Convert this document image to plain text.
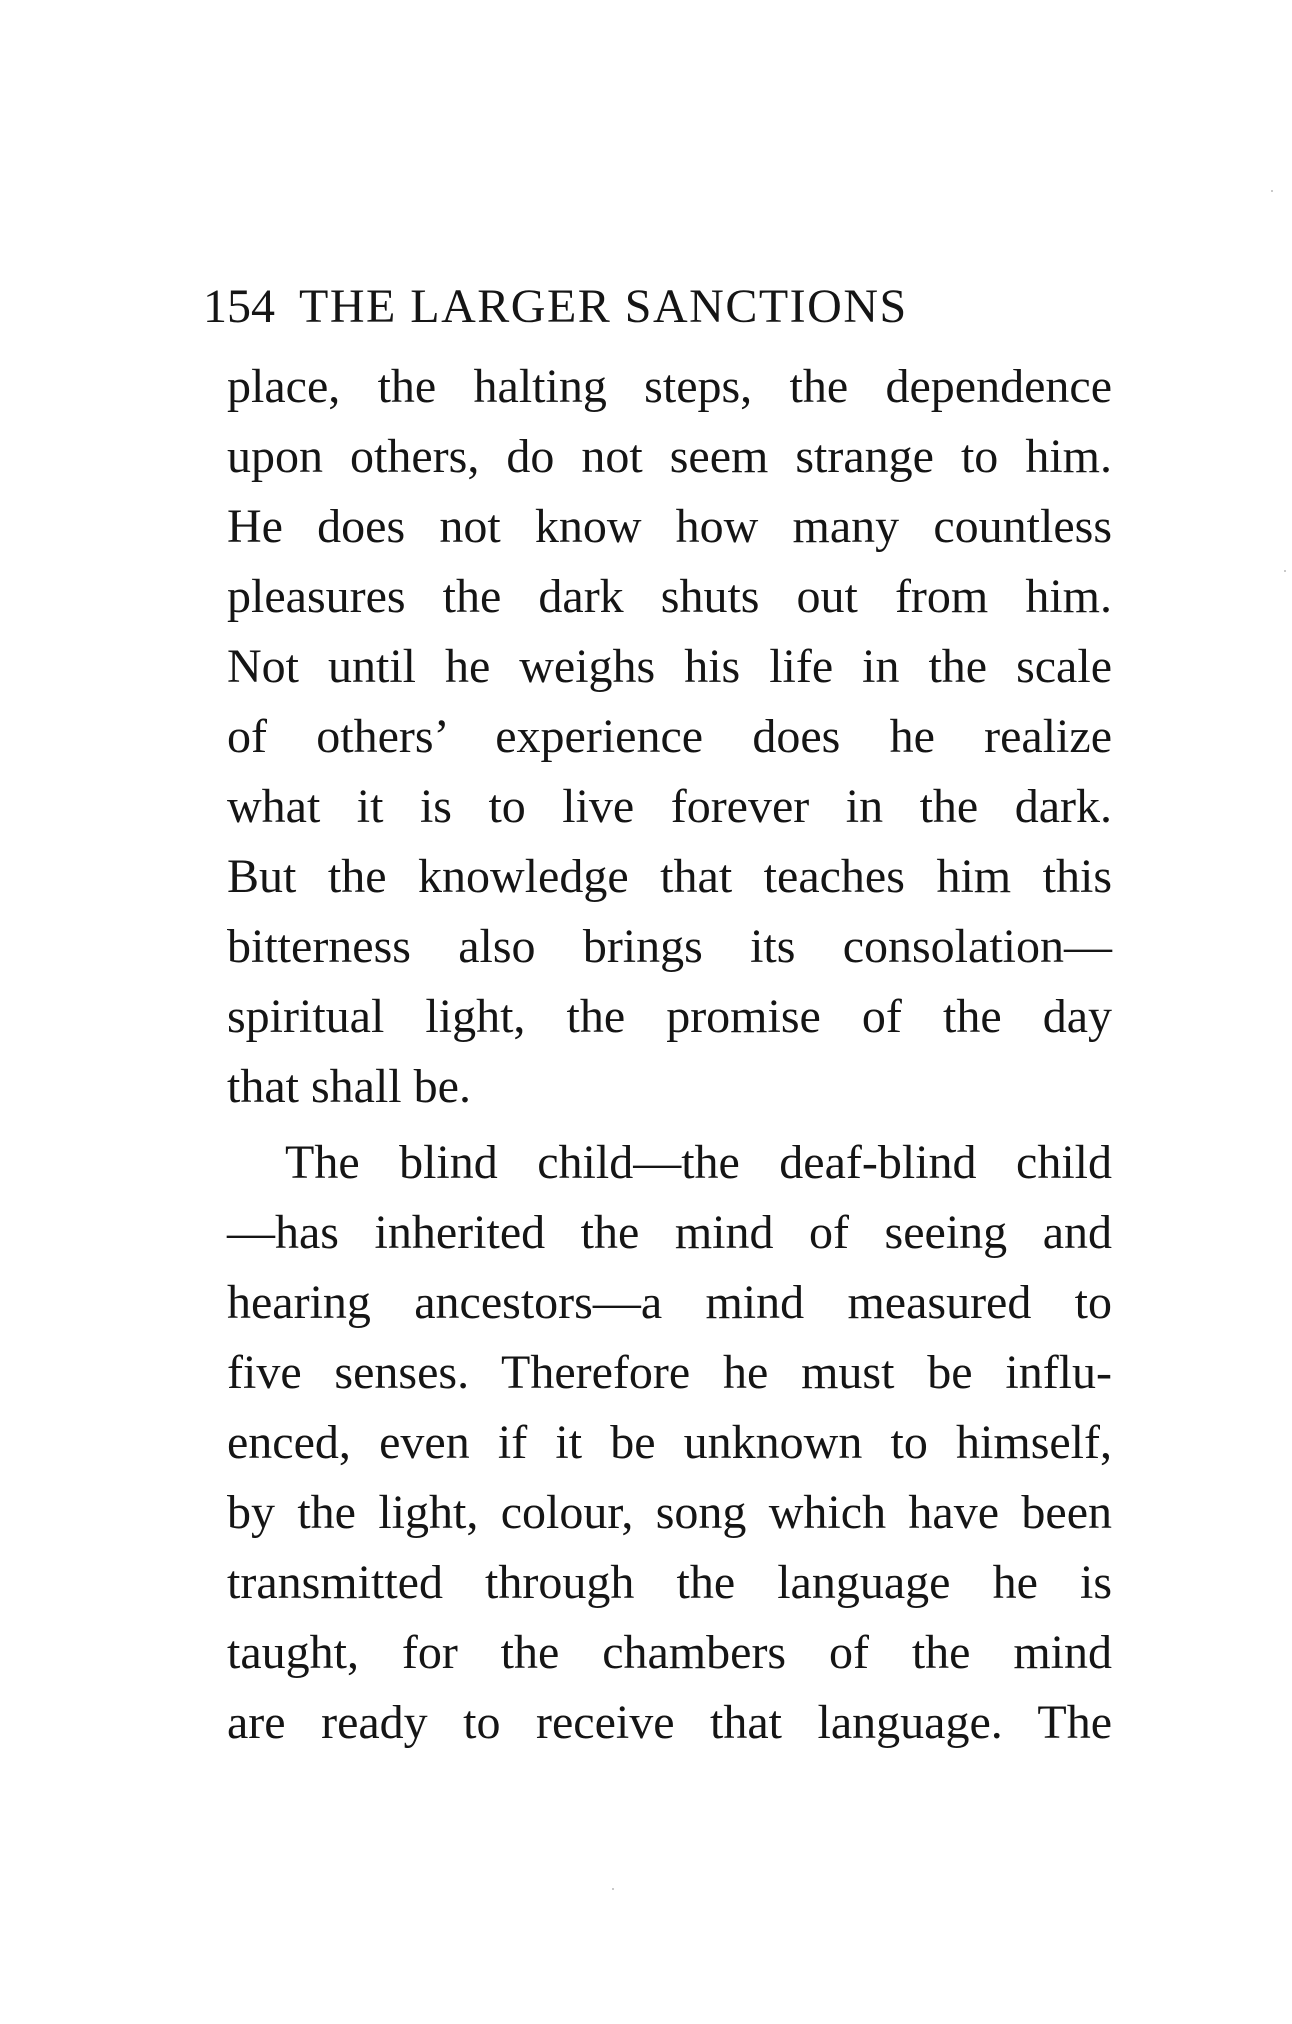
154 THE LARGER SANCTIONS
place, the halting steps, the dependence
upon others, do not seem strange to him.
He does not know how many countless
pleasures the dark shuts out from him.
Not until he weighs his life in the scale
of others’ experience does he realize
what it is to live forever in the dark.
But the knowledge that teaches him this
bitterness also brings its consolation—
spiritual light, the promise of the day
that shall be.
The blind child—the deaf-blind child
—has inherited the mind of seeing and
hearing ancestors—a mind measured to
five senses. Therefore he must be influ-
enced, even if it be unknown to himself,
by the light, colour, song which have been
transmitted through the language he is
taught, for the chambers of the mind
are ready to receive that language. The
